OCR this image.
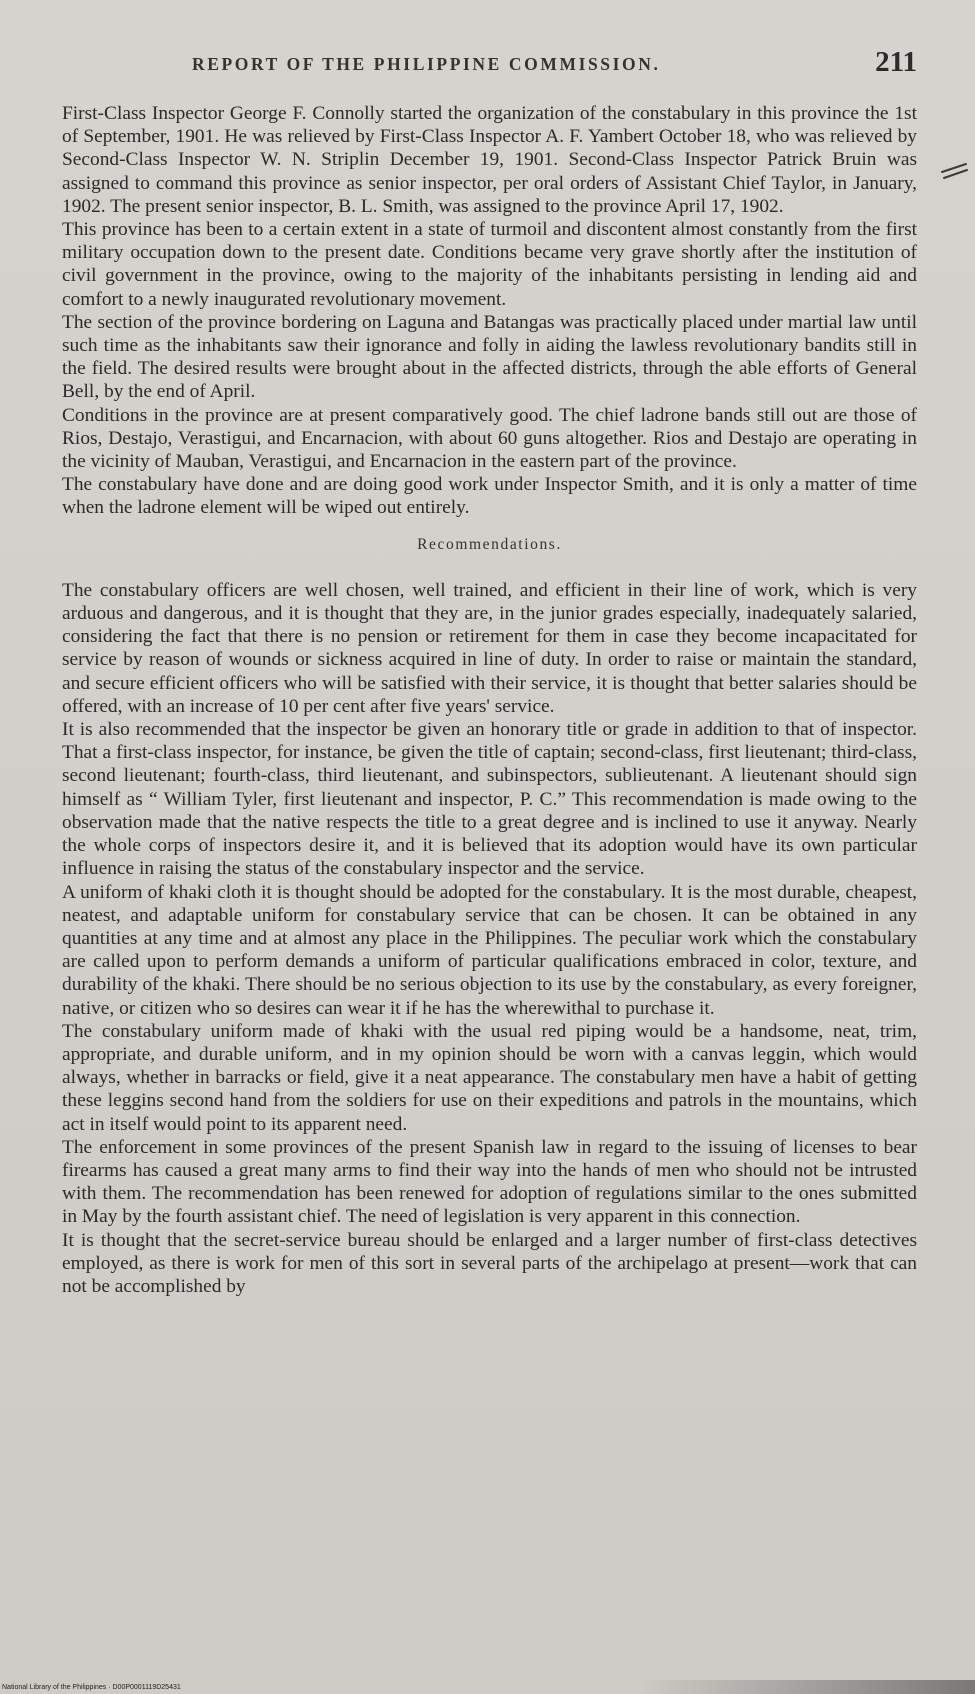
REPORT OF THE PHILIPPINE COMMISSION.	211

First-Class Inspector George F. Connolly started the organization of the constabulary in this province the 1st of September, 1901. He was relieved by First-Class Inspector A. F. Yambert October 18, who was relieved by Second-Class Inspector W. N. Striplin December 19, 1901. Second-Class Inspector Patrick Bruin was assigned to command this province as senior inspector, per oral orders of Assistant Chief Taylor, in January, 1902. The present senior inspector, B. L. Smith, was assigned to the province April 17, 1902.

This province has been to a certain extent in a state of turmoil and discontent almost constantly from the first military occupation down to the present date. Conditions became very grave shortly after the institution of civil government in the province, owing to the majority of the inhabitants persisting in lending aid and comfort to a newly inaugurated revolutionary movement.

The section of the province bordering on Laguna and Batangas was practically placed under martial law until such time as the inhabitants saw their ignorance and folly in aiding the lawless revolutionary bandits still in the field. The desired results were brought about in the affected districts, through the able efforts of General Bell, by the end of April.

Conditions in the province are at present comparatively good. The chief ladrone bands still out are those of Rios, Destajo, Verastigui, and Encarnacion, with about 60 guns altogether. Rios and Destajo are operating in the vicinity of Mauban, Verastigui, and Encarnacion in the eastern part of the province.

The constabulary have done and are doing good work under Inspector Smith, and it is only a matter of time when the ladrone element will be wiped out entirely.

Recommendations.

The constabulary officers are well chosen, well trained, and efficient in their line of work, which is very arduous and dangerous, and it is thought that they are, in the junior grades especially, inadequately salaried, considering the fact that there is no pension or retirement for them in case they become incapacitated for service by reason of wounds or sickness acquired in line of duty. In order to raise or maintain the standard, and secure efficient officers who will be satisfied with their service, it is thought that better salaries should be offered, with an increase of 10 per cent after five years' service.

It is also recommended that the inspector be given an honorary title or grade in addition to that of inspector. That a first-class inspector, for instance, be given the title of captain; second-class, first lieutenant; third-class, second lieutenant; fourth-class, third lieutenant, and subinspectors, sublieutenant. A lieutenant should sign himself as “ William Tyler, first lieutenant and inspector, P. C.” This recommendation is made owing to the observation made that the native respects the title to a great degree and is inclined to use it anyway. Nearly the whole corps of inspectors desire it, and it is believed that its adoption would have its own particular influence in raising the status of the constabulary inspector and the service.

A uniform of khaki cloth it is thought should be adopted for the constabulary. It is the most durable, cheapest, neatest, and adaptable uniform for constabulary service that can be chosen. It can be obtained in any quantities at any time and at almost any place in the Philippines. The peculiar work which the constabulary are called upon to perform demands a uniform of particular qualifications embraced in color, texture, and durability of the khaki. There should be no serious objection to its use by the constabulary, as every foreigner, native, or citizen who so desires can wear it if he has the wherewithal to purchase it.

The constabulary uniform made of khaki with the usual red piping would be a handsome, neat, trim, appropriate, and durable uniform, and in my opinion should be worn with a canvas leggin, which would always, whether in barracks or field, give it a neat appearance. The constabulary men have a habit of getting these leggins second hand from the soldiers for use on their expeditions and patrols in the mountains, which act in itself would point to its apparent need.

The enforcement in some provinces of the present Spanish law in regard to the issuing of licenses to bear firearms has caused a great many arms to find their way into the hands of men who should not be intrusted with them. The recommendation has been renewed for adoption of regulations similar to the ones submitted in May by the fourth assistant chief. The need of legislation is very apparent in this connection.

It is thought that the secret-service bureau should be enlarged and a larger number of first-class detectives employed, as there is work for men of this sort in several parts of the archipelago at present—work that can not be accomplished by

National Library of the Philippines · D00P0001119D25431
